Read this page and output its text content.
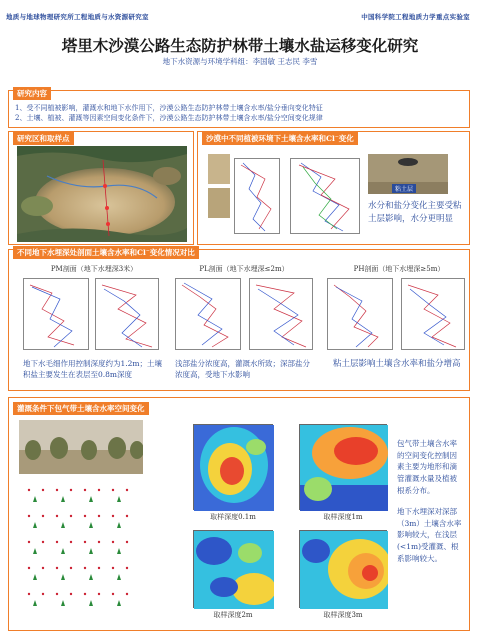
地质与地球物理研究所工程地质与水资源研究室	中国科学院工程地质力学重点实验室
塔里木沙漠公路生态防护林带土壤水盐运移变化研究
地下水资源与环境学科组：李国敏 王志民 李雪
研究内容
1、受不同植被影响，灌溉水和地下水作用下，沙漠公路生态防护林带土壤含水率/盐分垂向变化特征
2、土壤、植被、灌溉等因素空间变化条件下，沙漠公路生态防护林带土壤含水率/盐分空间变化规律
研究区和取样点	沙漠中不同植被环境下土壤含水率和Cl⁻变化
粘土层
水分和盐分变化主要受粘土层影响，水分更明显
不同地下水埋深处剖面土壤含水率和Cl⁻变化情况对比
PM剖面（地下水埋深3米）
地下水毛细作用控制深度约为1.2m；土壤积盐主要发生在表层至0.8m深度
PL剖面（地下水埋深≤2m）
浅部盐分浓度高，灌溉水所致；深部盐分浓度高，受地下水影响
PH剖面（地下水埋深≥5m）
粘土层影响土壤含水率和盐分增高
灌溉条件下包气带土壤含水率空间变化
取样深度0.1m	取样深度1m
取样深度2m	取样深度3m
包气带土壤含水率的空间变化控制因素主要为地形和滴管灌溉水量及植被根系分布。
地下水埋深对深部（3m）土壤含水率影响较大，在浅层(<1m)受灌溉、根系影响较大。
